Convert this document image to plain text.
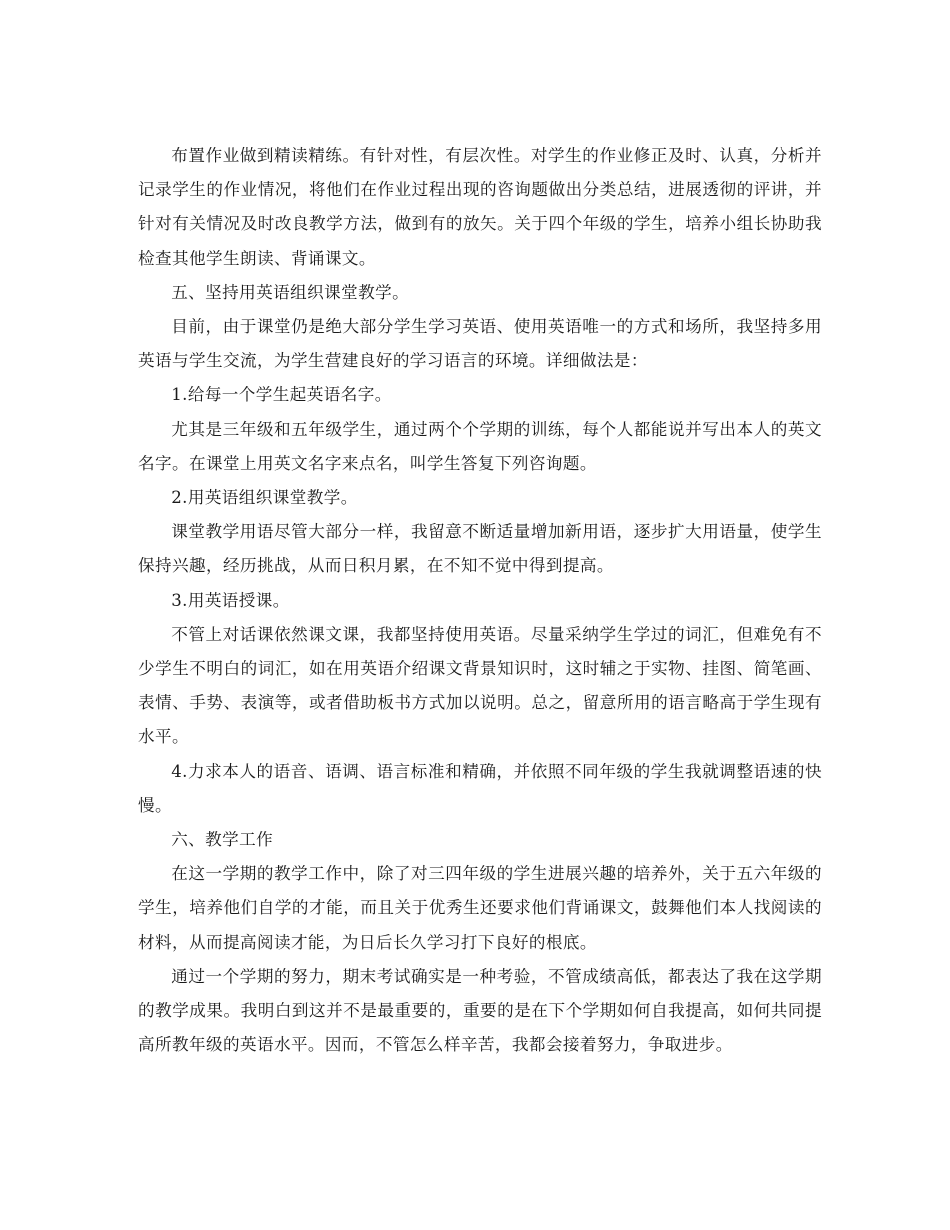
布置作业做到精读精练。有针对性，有层次性。对学生的作业修正及时、认真，分析并记录学生的作业情况，将他们在作业过程出现的咨询题做出分类总结，进展透彻的评讲，并针对有关情况及时改良教学方法，做到有的放矢。关于四个年级的学生，培养小组长协助我检查其他学生朗读、背诵课文。

五、坚持用英语组织课堂教学。

目前，由于课堂仍是绝大部分学生学习英语、使用英语唯一的方式和场所，我坚持多用英语与学生交流，为学生营建良好的学习语言的环境。详细做法是：

1.给每一个学生起英语名字。

尤其是三年级和五年级学生，通过两个个学期的训练，每个人都能说并写出本人的英文名字。在课堂上用英文名字来点名，叫学生答复下列咨询题。

2.用英语组织课堂教学。

课堂教学用语尽管大部分一样，我留意不断适量增加新用语，逐步扩大用语量，使学生保持兴趣，经历挑战，从而日积月累，在不知不觉中得到提高。

3.用英语授课。

不管上对话课依然课文课，我都坚持使用英语。尽量采纳学生学过的词汇，但难免有不少学生不明白的词汇，如在用英语介绍课文背景知识时，这时辅之于实物、挂图、简笔画、表情、手势、表演等，或者借助板书方式加以说明。总之，留意所用的语言略高于学生现有水平。

4.力求本人的语音、语调、语言标准和精确，并依照不同年级的学生我就调整语速的快慢。

六、教学工作

在这一学期的教学工作中，除了对三四年级的学生进展兴趣的培养外，关于五六年级的学生，培养他们自学的才能，而且关于优秀生还要求他们背诵课文，鼓舞他们本人找阅读的材料，从而提高阅读才能，为日后长久学习打下良好的根底。

通过一个学期的努力，期末考试确实是一种考验，不管成绩高低，都表达了我在这学期的教学成果。我明白到这并不是最重要的，重要的是在下个学期如何自我提高，如何共同提高所教年级的英语水平。因而，不管怎么样辛苦，我都会接着努力，争取进步。
